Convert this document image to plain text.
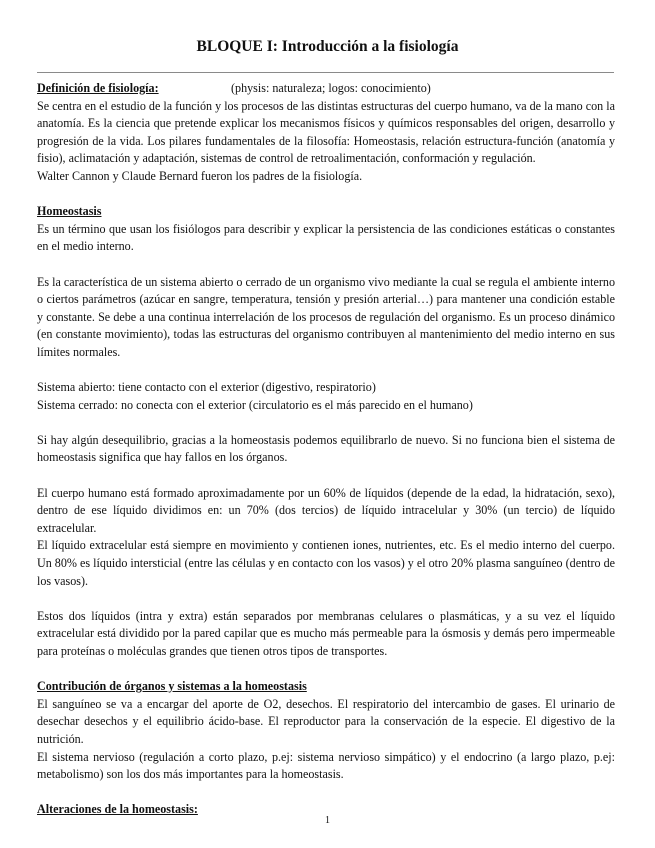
BLOQUE I: Introducción a la fisiología
Definición de fisiología:	(physis: naturaleza; logos: conocimiento)

Se centra en el estudio de la función y los procesos de las distintas estructuras del cuerpo humano, va de la mano con la anatomía. Es la ciencia que pretende explicar los mecanismos físicos y químicos responsables del origen, desarrollo y progresión de la vida. Los pilares fundamentales de la filosofía: Homeostasis, relación estructura-función (anatomía y fisio), aclimatación y adaptación, sistemas de control de retroalimentación, conformación y regulación.

Walter Cannon y Claude Bernard fueron los padres de la fisiología.

Homeostasis

Es un término que usan los fisiólogos para describir y explicar la persistencia de las condiciones estáticas o constantes en el medio interno.

Es la característica de un sistema abierto o cerrado de un organismo vivo mediante la cual se regula el ambiente interno o ciertos parámetros (azúcar en sangre, temperatura, tensión y presión arterial…) para mantener una condición estable y constante. Se debe a una continua interrelación de los procesos de regulación del organismo. Es un proceso dinámico (en constante movimiento), todas las estructuras del organismo contribuyen al mantenimiento del medio interno en sus límites normales.

Sistema abierto: tiene contacto con el exterior (digestivo, respiratorio)

Sistema cerrado: no conecta con el exterior (circulatorio es el más parecido en el humano)

Si hay algún desequilibrio, gracias a la homeostasis podemos equilibrarlo de nuevo. Si no funciona bien el sistema de homeostasis significa que hay fallos en los órganos.

El cuerpo humano está formado aproximadamente por un 60% de líquidos (depende de la edad, la hidratación, sexo), dentro de ese líquido dividimos en: un 70% (dos tercios) de líquido intracelular y 30% (un tercio) de líquido extracelular.

El líquido extracelular está siempre en movimiento y contienen iones, nutrientes, etc. Es el medio interno del cuerpo. Un 80% es líquido intersticial (entre las células y en contacto con los vasos) y el otro 20% plasma sanguíneo (dentro de los vasos).

Estos dos líquidos (intra y extra) están separados por membranas celulares o plasmáticas, y a su vez el líquido extracelular está dividido por la pared capilar que es mucho más permeable para la ósmosis y demás pero impermeable para proteínas o moléculas grandes que tienen otros tipos de transportes.

Contribución de órganos y sistemas a la homeostasis

El sanguíneo se va a encargar del aporte de O2, desechos. El respiratorio del intercambio de gases. El urinario de desechar desechos y el equilibrio ácido-base. El reproductor para la conservación de la especie. El digestivo de la nutrición.

El sistema nervioso (regulación a corto plazo, p.ej: sistema nervioso simpático) y el endocrino (a largo plazo, p.ej: metabolismo) son los dos más importantes para la homeostasis.

Alteraciones de la homeostasis:
1
